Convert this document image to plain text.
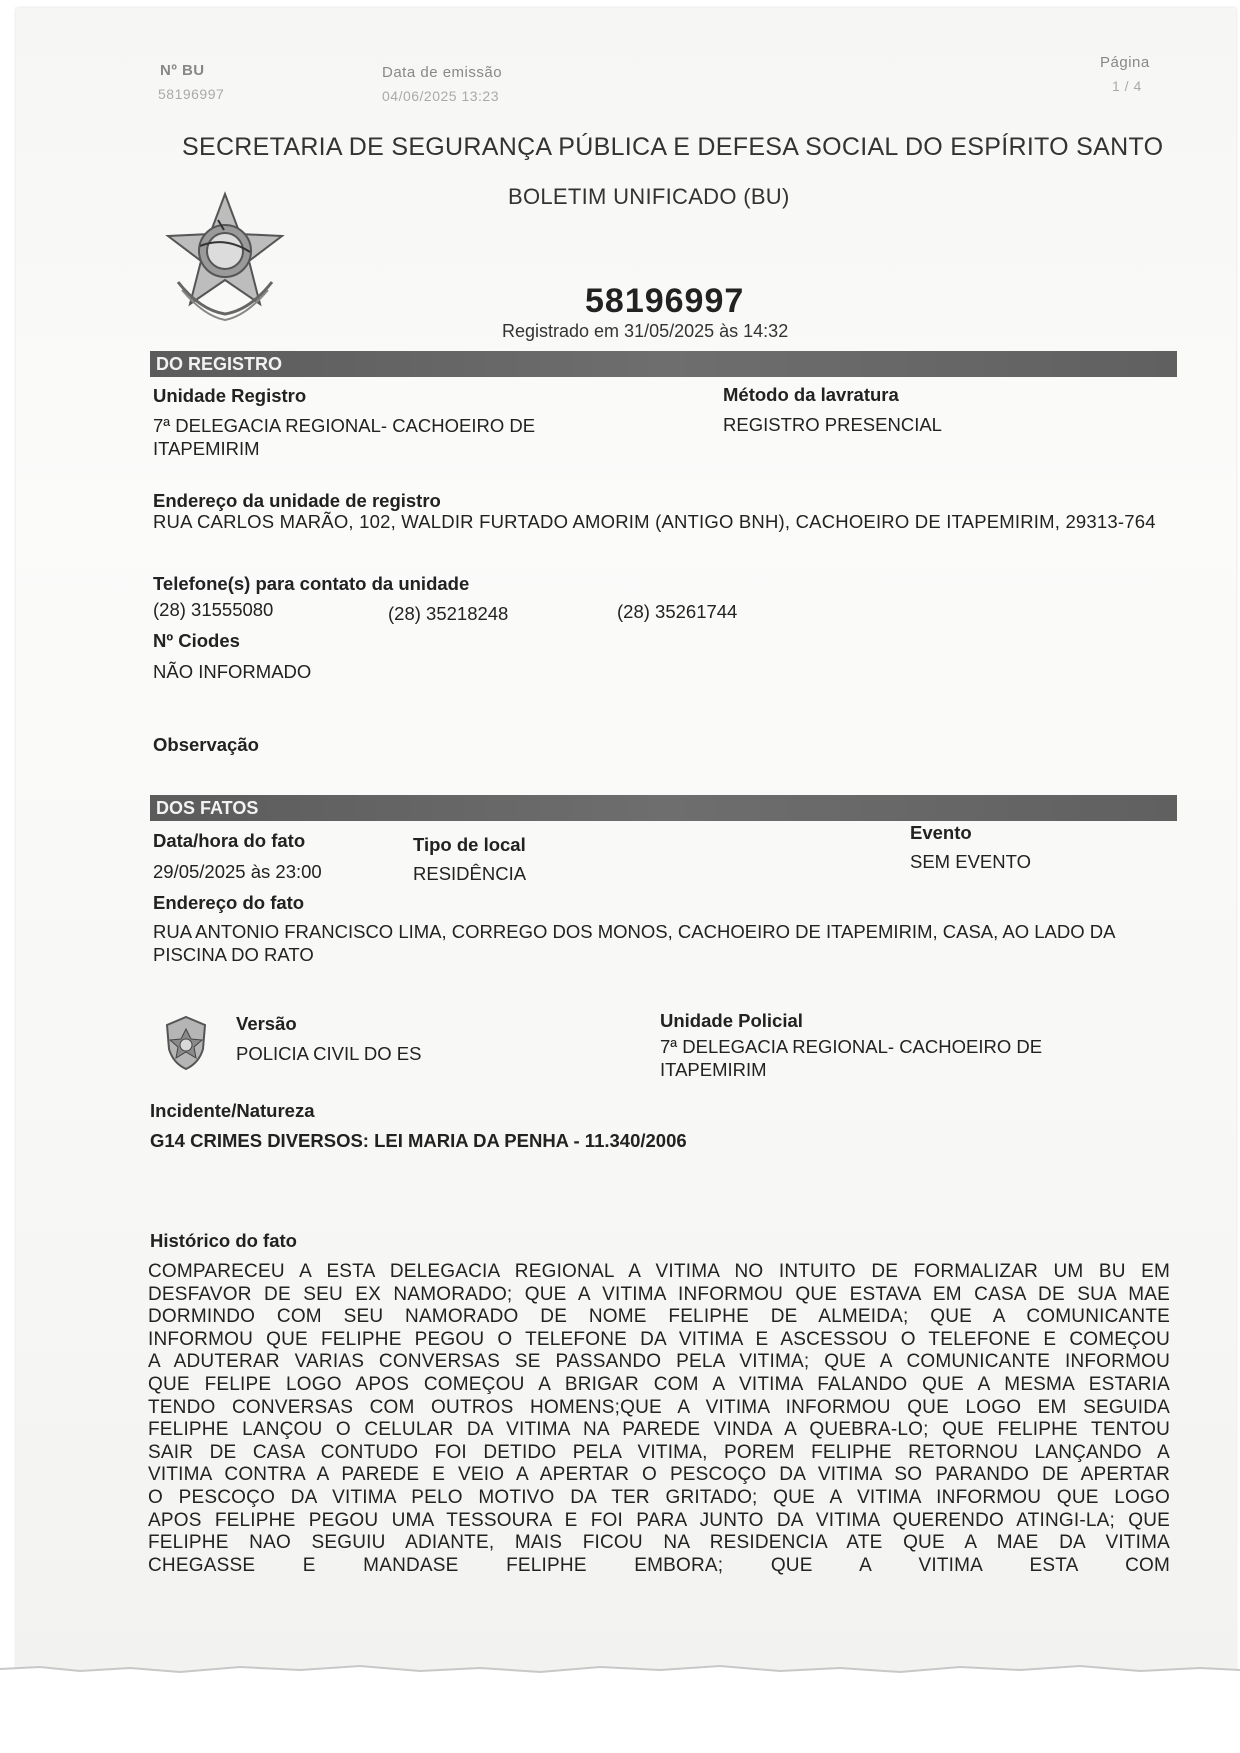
Nº BU
58196997
Data de emissão
04/06/2025 13:23
Página
1 / 4
SECRETARIA DE SEGURANÇA PÚBLICA E DEFESA SOCIAL DO ESPÍRITO SANTO
BOLETIM UNIFICADO (BU)
58196997
Registrado em 31/05/2025 às 14:32
DO REGISTRO
Unidade Registro
7ª DELEGACIA REGIONAL- CACHOEIRO DE ITAPEMIRIM
Método da lavratura
REGISTRO PRESENCIAL
Endereço da unidade de registro
RUA CARLOS MARÃO, 102, WALDIR FURTADO AMORIM (ANTIGO BNH), CACHOEIRO DE ITAPEMIRIM, 29313-764
Telefone(s) para contato da unidade
(28) 31555080	(28) 35218248	(28) 35261744
Nº Ciodes
NÃO INFORMADO
Observação
DOS FATOS
Data/hora do fato
29/05/2025 às 23:00
Tipo de local
RESIDÊNCIA
Evento
SEM EVENTO
Endereço do fato
RUA ANTONIO FRANCISCO LIMA, CORREGO DOS MONOS, CACHOEIRO DE ITAPEMIRIM, CASA, AO LADO DA PISCINA DO RATO
Versão
POLICIA CIVIL DO ES
Unidade Policial
7ª DELEGACIA REGIONAL- CACHOEIRO DE ITAPEMIRIM
Incidente/Natureza
G14 CRIMES DIVERSOS: LEI MARIA DA PENHA - 11.340/2006
Histórico do fato
COMPARECEU A ESTA DELEGACIA REGIONAL A VITIMA NO INTUITO DE FORMALIZAR UM BU EM
DESFAVOR DE SEU EX NAMORADO; QUE A VITIMA INFORMOU QUE ESTAVA EM CASA DE SUA MAE
DORMINDO COM SEU NAMORADO DE NOME FELIPHE DE ALMEIDA; QUE A COMUNICANTE
INFORMOU QUE FELIPHE PEGOU O TELEFONE DA VITIMA E ASCESSOU O TELEFONE E COMEÇOU
A ADUTERAR VARIAS CONVERSAS SE PASSANDO PELA VITIMA; QUE A COMUNICANTE INFORMOU
QUE FELIPE LOGO APOS COMEÇOU A BRIGAR COM A VITIMA FALANDO QUE A MESMA ESTARIA
TENDO CONVERSAS COM OUTROS HOMENS;QUE A VITIMA INFORMOU QUE LOGO EM SEGUIDA
FELIPHE LANÇOU O CELULAR DA VITIMA NA PAREDE VINDA A QUEBRA-LO; QUE FELIPHE TENTOU
SAIR DE CASA CONTUDO FOI DETIDO PELA VITIMA, POREM FELIPHE RETORNOU LANÇANDO A
VITIMA CONTRA A PAREDE E VEIO A APERTAR O PESCOÇO DA VITIMA SO PARANDO DE APERTAR
O PESCOÇO DA VITIMA PELO MOTIVO DA TER GRITADO; QUE A VITIMA INFORMOU QUE LOGO
APOS FELIPHE PEGOU UMA TESSOURA E FOI PARA JUNTO DA VITIMA QUERENDO ATINGI-LA; QUE
FELIPHE NAO SEGUIU ADIANTE, MAIS FICOU NA RESIDENCIA ATE QUE A MAE DA VITIMA
CHEGASSE E MANDASE FELIPHE EMBORA; QUE A VITIMA ESTA COM
